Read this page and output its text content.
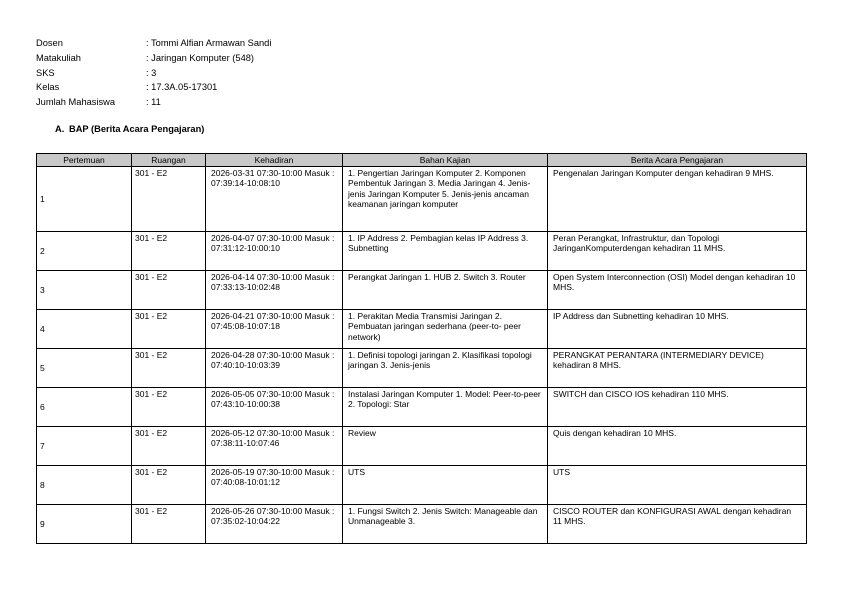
Dosen	: Tommi Alfian Armawan Sandi
Matakuliah	: Jaringan Komputer (548)
SKS	: 3
Kelas	: 17.3A.05-17301
Jumlah Mahasiswa	: 11
A. BAP (Berita Acara Pengajaran)
Pertemuan	Ruangan	Kehadiran	Bahan Kajian	Berita Acara Pengajaran
1	301 - E2	2026-03-31 07:30-10:00 Masuk : 07:39:14-10:08:10	1. Pengertian Jaringan Komputer 2. Komponen Pembentuk Jaringan 3. Media Jaringan 4. Jenis-jenis Jaringan Komputer 5. Jenis-jenis ancaman keamanan jaringan komputer	Pengenalan Jaringan Komputer dengan kehadiran 9 MHS.
2	301 - E2	2026-04-07 07:30-10:00 Masuk : 07:31:12-10:00:10	1. IP Address 2. Pembagian kelas IP Address 3. Subnetting	Peran Perangkat, Infrastruktur, dan Topologi JaringanKomputerdengan kehadiran 11 MHS.
3	301 - E2	2026-04-14 07:30-10:00 Masuk : 07:33:13-10:02:48	Perangkat Jaringan 1. HUB 2. Switch 3. Router	Open System Interconnection (OSI) Model dengan kehadiran 10 MHS.
4	301 - E2	2026-04-21 07:30-10:00 Masuk : 07:45:08-10:07:18	1. Perakitan Media Transmisi Jaringan 2. Pembuatan jaringan sederhana (peer-to- peer network)	IP Address dan Subnetting kehadiran 10 MHS.
5	301 - E2	2026-04-28 07:30-10:00 Masuk : 07:40:10-10:03:39	1. Definisi topologi jaringan 2. Klasifikasi topologi jaringan 3. Jenis-jenis	PERANGKAT PERANTARA (INTERMEDIARY DEVICE) kehadiran 8 MHS.
6	301 - E2	2026-05-05 07:30-10:00 Masuk : 07:43:10-10:00:38	Instalasi Jaringan Komputer 1. Model: Peer-to-peer 2. Topologi: Star	SWITCH dan CISCO IOS kehadiran 110 MHS.
7	301 - E2	2026-05-12 07:30-10:00 Masuk : 07:38:11-10:07:46	Review	Quis dengan kehadiran 10 MHS.
8	301 - E2	2026-05-19 07:30-10:00 Masuk : 07:40:08-10:01:12	UTS	UTS
9	301 - E2	2026-05-26 07:30-10:00 Masuk : 07:35:02-10:04:22	1. Fungsi Switch 2. Jenis Switch: Manageable dan Unmanageable 3.	CISCO ROUTER dan KONFIGURASI AWAL dengan kehadiran 11 MHS.
